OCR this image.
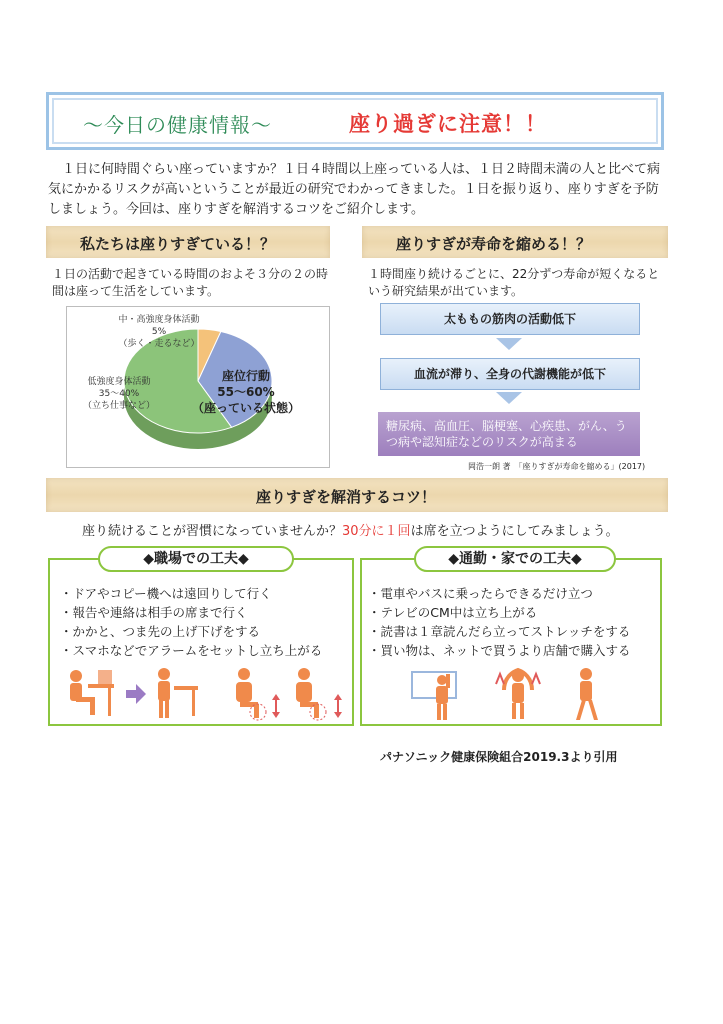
～今日の健康情報～	座り過ぎに注意！！
１日に何時間ぐらい座っていますか？１日４時間以上座っている人は、１日２時間未満の人と比べて病気にかかるリスクが高いということが最近の研究でわかってきました。１日を振り返り、座りすぎを予防しましょう。今回は、座りすぎを解消するコツをご紹介します。
私たちは座りすぎている！？
１日の活動で起きている時間のおよそ３分の２の時間は座って生活をしています。
中・高強度身体活動
5%
（歩く・走るなど）
低強度身体活動
35～40%
（立ち仕事など）
座位行動
55～60%
（座っている状態）
座りすぎが寿命を縮める！？
１時間座り続けるごとに、22分ずつ寿命が短くなるという研究結果が出ています。
太ももの筋肉の活動低下
血流が滞り、全身の代謝機能が低下
糖尿病、高血圧、脳梗塞、心疾患、がん、うつ病や認知症などのリスクが高まる
岡浩一朗 著　「座りすぎが寿命を縮める」(2017)
座りすぎを解消するコツ！
座り続けることが習慣になっていませんか？30分に１回は席を立つようにしてみましょう。
◆職場での工夫◆	◆通勤・家での工夫◆
・ドアやコピー機へは遠回りして行く
・報告や連絡は相手の席まで行く
・かかと、つま先の上げ下げをする
・スマホなどでアラームをセットし立ち上がる
・電車やバスに乗ったらできるだけ立つ
・テレビのCM中は立ち上がる
・読書は１章読んだら立ってストレッチをする
・買い物は、ネットで買うより店舗で購入する
パナソニック健康保険組合2019.3より引用
